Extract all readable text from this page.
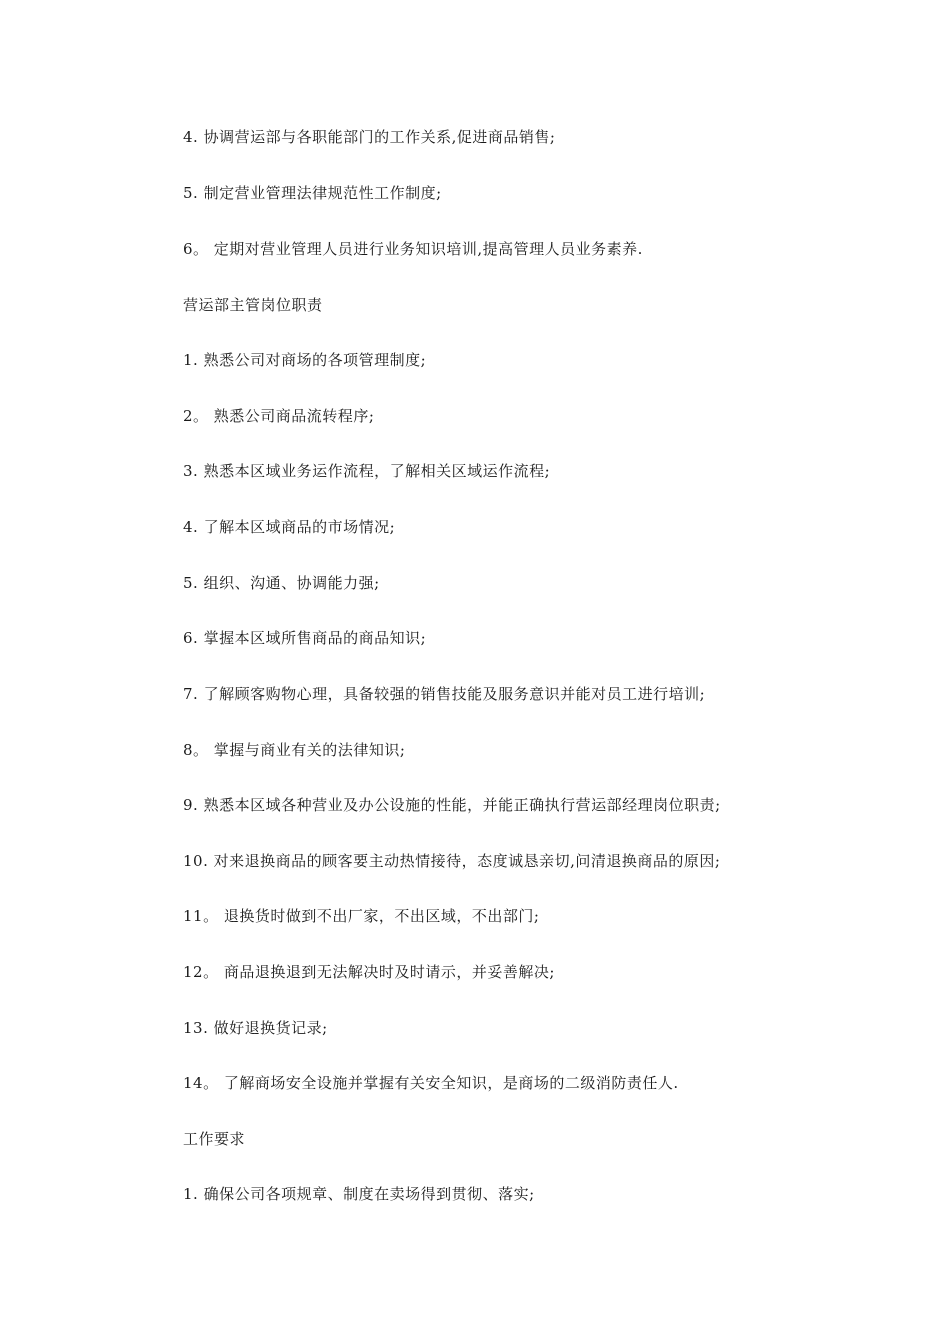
4. 协调营运部与各职能部门的工作关系,促进商品销售;
5. 制定营业管理法律规范性工作制度;
6。 定期对营业管理人员进行业务知识培训,提高管理人员业务素养.
营运部主管岗位职责
1. 熟悉公司对商场的各项管理制度;
2。 熟悉公司商品流转程序;
3. 熟悉本区域业务运作流程，了解相关区域运作流程;
4. 了解本区域商品的市场情况;
5. 组织、沟通、协调能力强;
6. 掌握本区域所售商品的商品知识;
7. 了解顾客购物心理，具备较强的销售技能及服务意识并能对员工进行培训;
8。 掌握与商业有关的法律知识;
9. 熟悉本区域各种营业及办公设施的性能，并能正确执行营运部经理岗位职责;
10. 对来退换商品的顾客要主动热情接待，态度诚恳亲切,问清退换商品的原因;
11。 退换货时做到不出厂家，不出区域，不出部门;
12。 商品退换退到无法解决时及时请示，并妥善解决;
13. 做好退换货记录;
14。 了解商场安全设施并掌握有关安全知识，是商场的二级消防责任人.
工作要求
1. 确保公司各项规章、制度在卖场得到贯彻、落实;
